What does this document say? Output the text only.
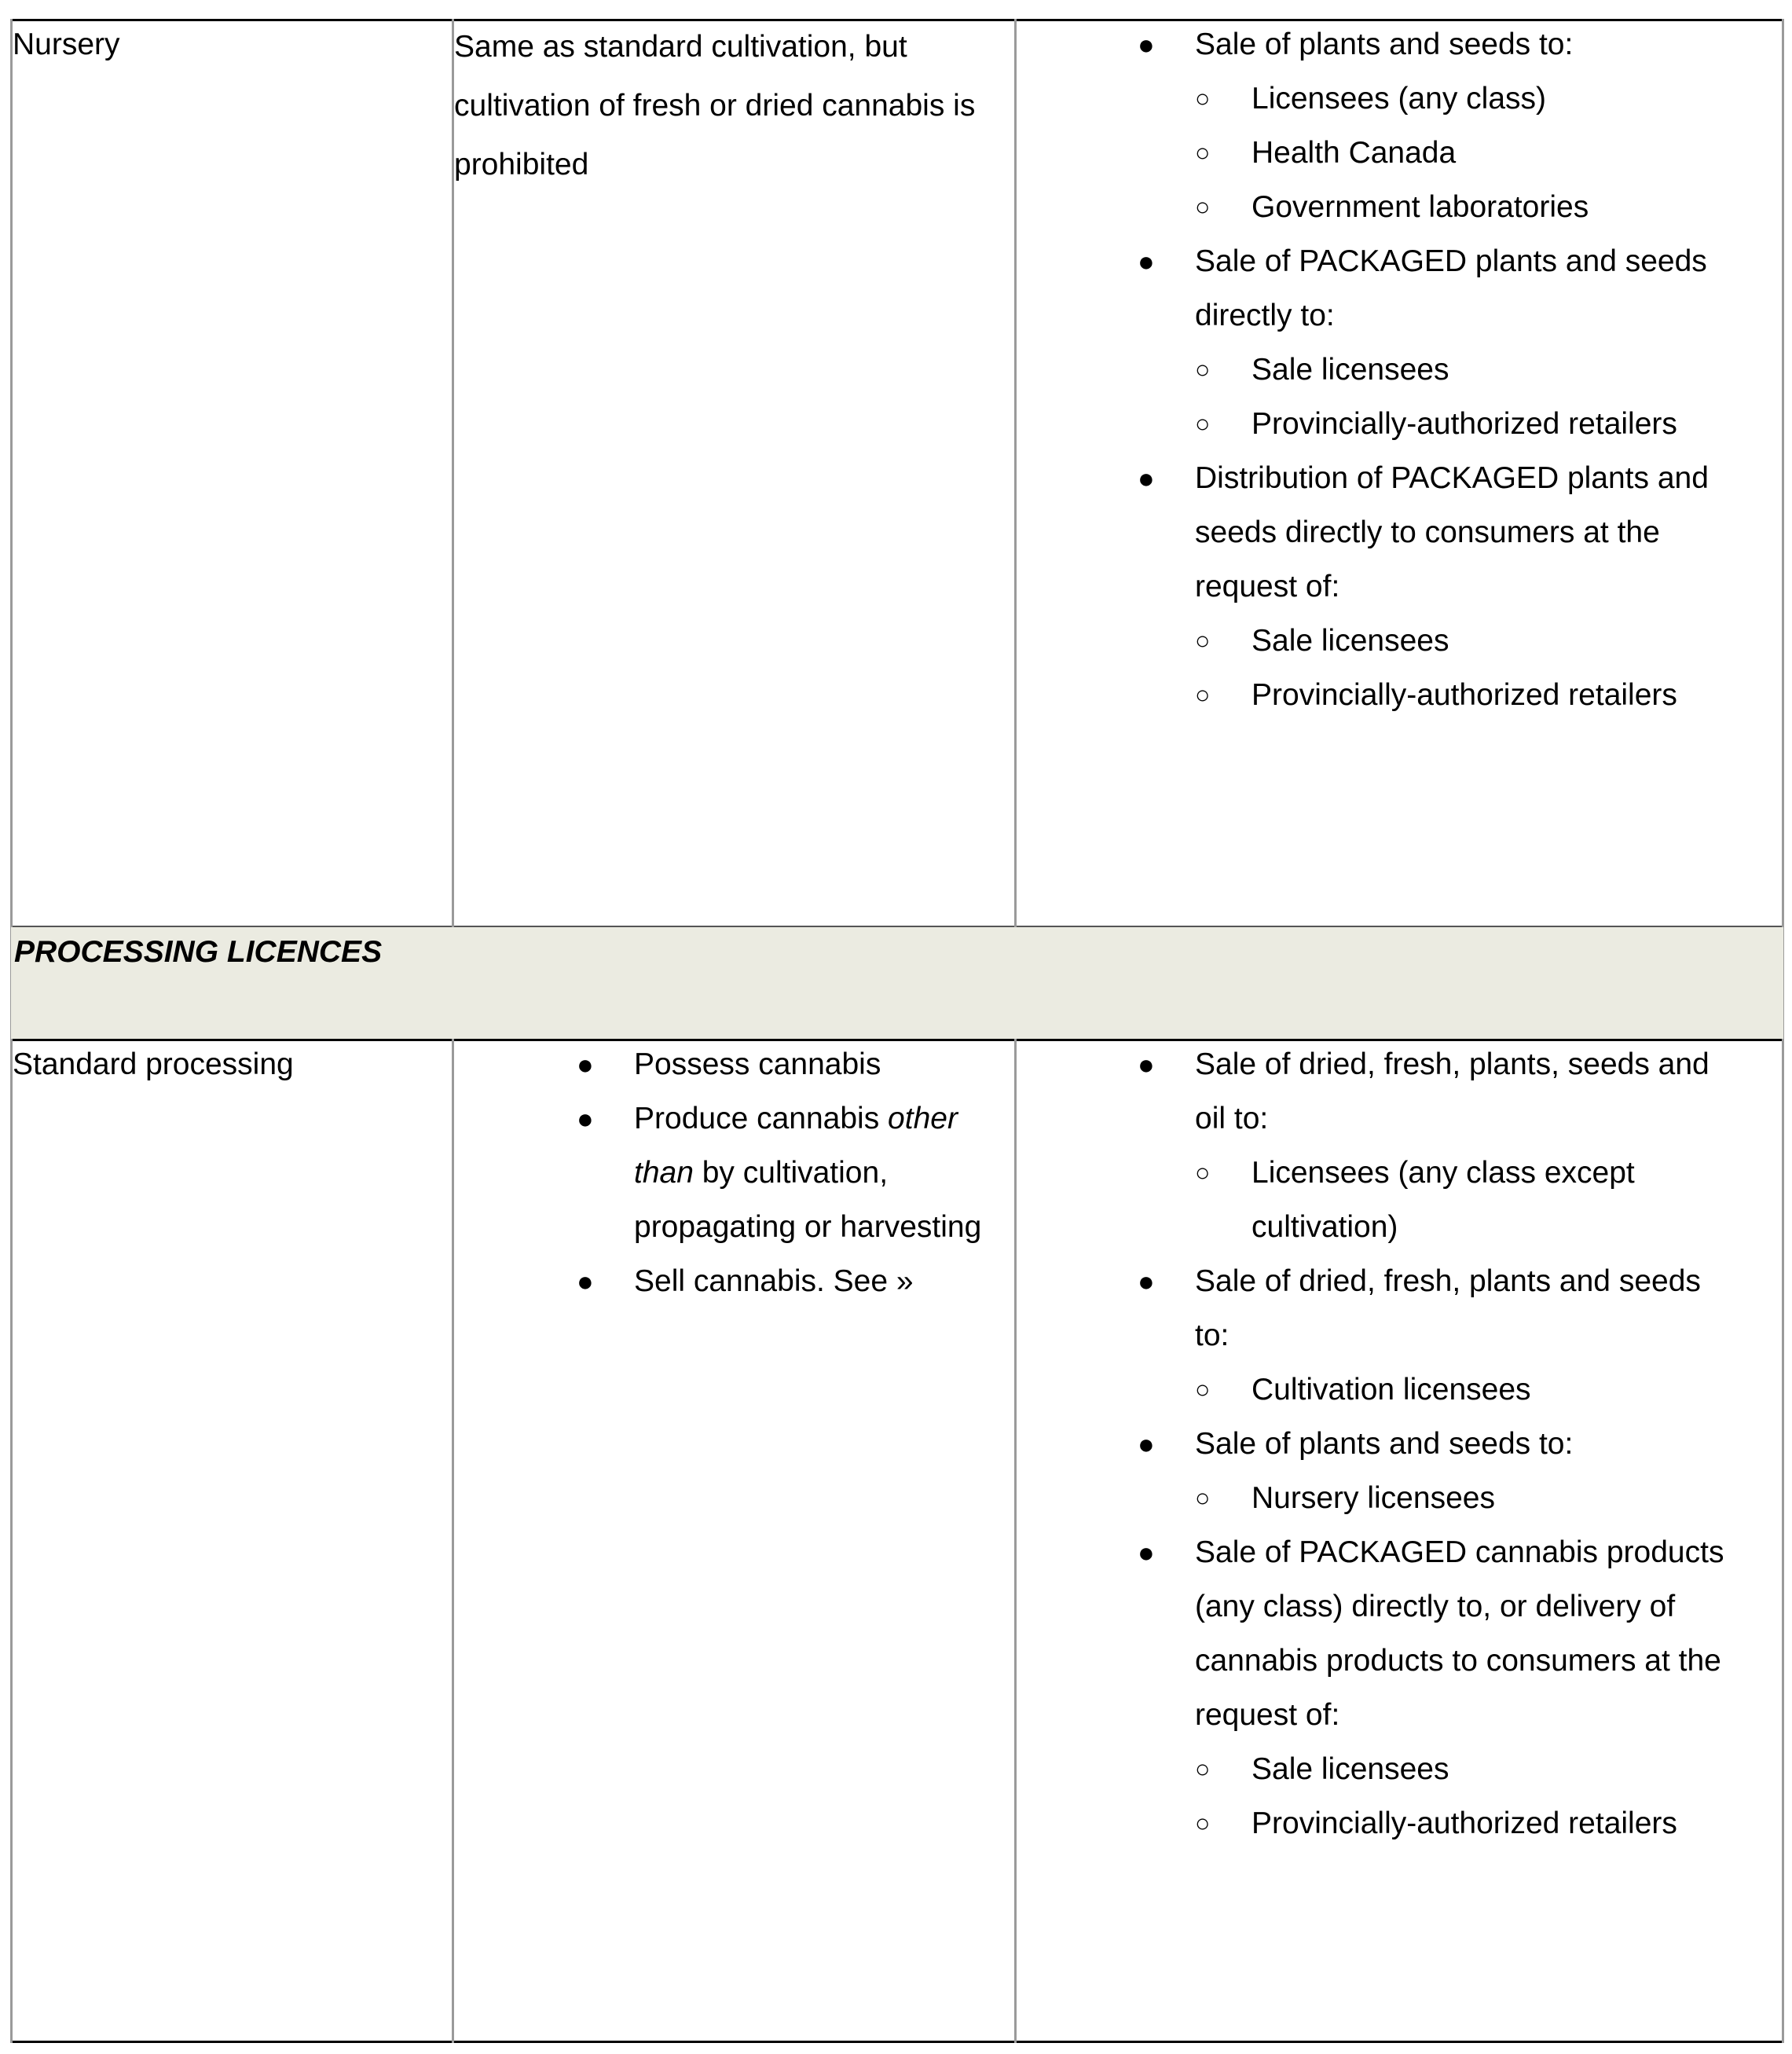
PROCESSING LICENCES
Nursery	Same as standard cultivation, but
cultivation of fresh or dried cannabis is
prohibited
● Sale of plants and seeds to:
○ Licensees (any class)
○ Health Canada
○ Government laboratories
● Sale of PACKAGED plants and seeds
directly to:
○ Sale licensees
○ Provincially-authorized retailers
● Distribution of PACKAGED plants and
seeds directly to consumers at the
request of:
○ Sale licensees
○ Provincially-authorized retailers
Standard processing	● Possess cannabis
● Produce cannabis other
than by cultivation,
propagating or harvesting
● Sell cannabis. See »
● Sale of dried, fresh, plants, seeds and
oil to:
○ Licensees (any class except
cultivation)
● Sale of dried, fresh, plants and seeds
to:
○ Cultivation licensees
● Sale of plants and seeds to:
○ Nursery licensees
● Sale of PACKAGED cannabis products
(any class) directly to, or delivery of
cannabis products to consumers at the
request of:
○ Sale licensees
○ Provincially-authorized retailers
